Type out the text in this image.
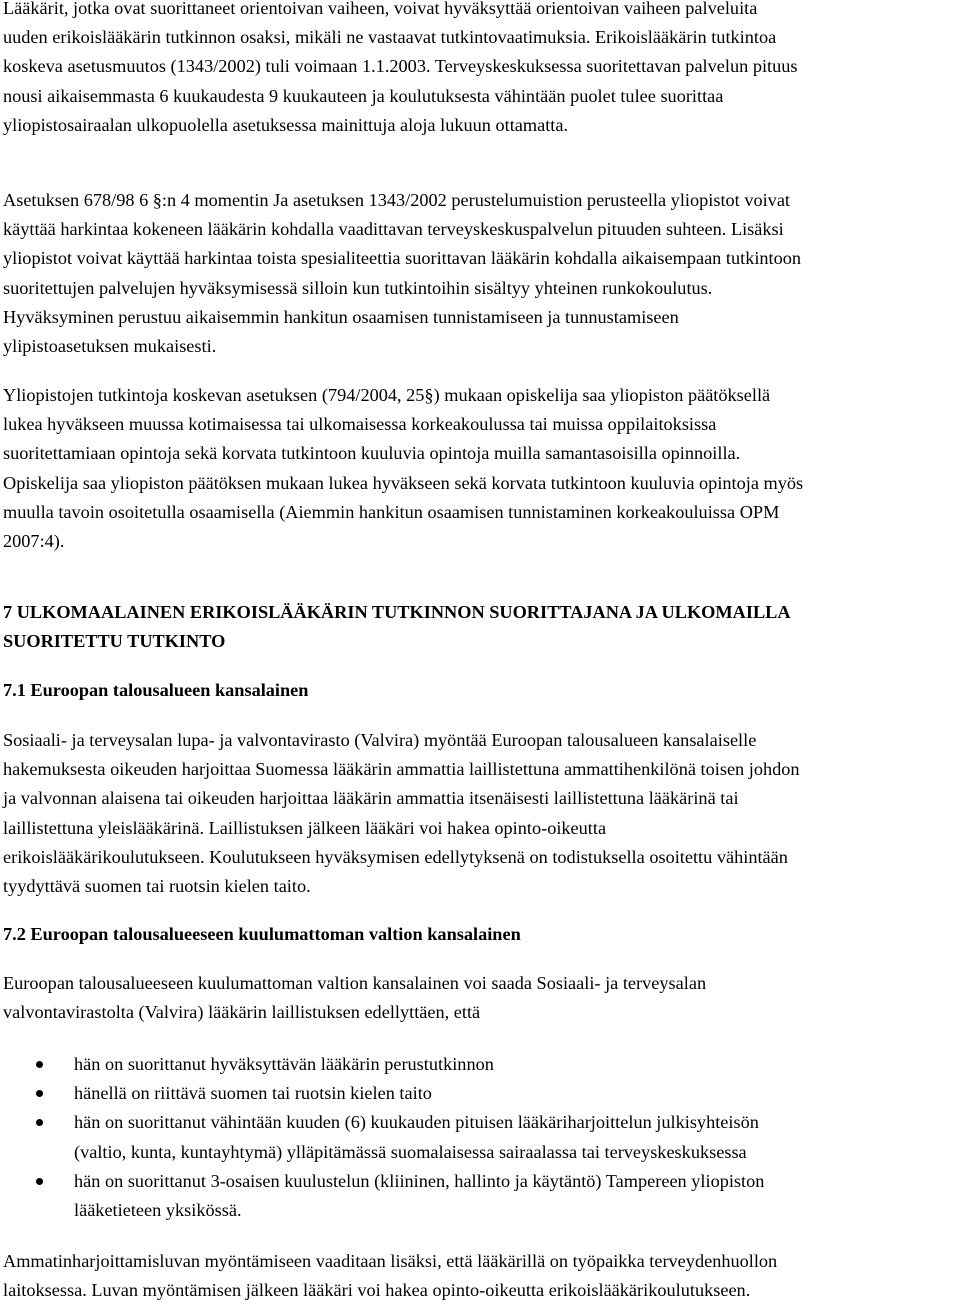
Lääkärit, jotka ovat suorittaneet orientoivan vaiheen, voivat hyväksyttää orientoivan vaiheen palveluita
uuden erikoislääkärin tutkinnon osaksi, mikäli ne vastaavat tutkintovaatimuksia. Erikoislääkärin tutkintoa
koskeva asetusmuutos (1343/2002) tuli voimaan 1.1.2003. Terveyskeskuksessa suoritettavan palvelun pituus
nousi aikaisemmasta 6 kuukaudesta 9 kuukauteen ja koulutuksesta vähintään puolet tulee suorittaa
yliopistosairaalan ulkopuolella asetuksessa mainittuja aloja lukuun ottamatta.

Asetuksen 678/98 6 §:n 4 momentin Ja asetuksen 1343/2002 perustelumuistion perusteella yliopistot voivat
käyttää harkintaa kokeneen lääkärin kohdalla vaadittavan terveyskeskuspalvelun pituuden suhteen. Lisäksi
yliopistot voivat käyttää harkintaa toista spesialiteettia suorittavan lääkärin kohdalla aikaisempaan tutkintoon
suoritettujen palvelujen hyväksymisessä silloin kun tutkintoihin sisältyy yhteinen runkokoulutus.
Hyväksyminen perustuu aikaisemmin hankitun osaamisen tunnistamiseen ja tunnustamiseen
ylipistoasetuksen mukaisesti.

Yliopistojen tutkintoja koskevan asetuksen (794/2004, 25§) mukaan opiskelija saa yliopiston päätöksellä
lukea hyväkseen muussa kotimaisessa tai ulkomaisessa korkeakoulussa tai muissa oppilaitoksissa
suoritettamiaan opintoja sekä korvata tutkintoon kuuluvia opintoja muilla samantasoisilla opinnoilla.
Opiskelija saa yliopiston päätöksen mukaan lukea hyväkseen sekä korvata tutkintoon kuuluvia opintoja myös
muulla tavoin osoitetulla osaamisella (Aiemmin hankitun osaamisen tunnistaminen korkeakouluissa OPM
2007:4).

7 ULKOMAALAINEN ERIKOISLÄÄKÄRIN TUTKINNON SUORITTAJANA JA ULKOMAILLA
SUORITETTU TUTKINTO
7.1 Euroopan talousalueen kansalainen

Sosiaali- ja terveysalan lupa- ja valvontavirasto (Valvira) myöntää Euroopan talousalueen kansalaiselle
hakemuksesta oikeuden harjoittaa Suomessa lääkärin ammattia laillistettuna ammattihenkilönä toisen johdon
ja valvonnan alaisena tai oikeuden harjoittaa lääkärin ammattia itsenäisesti laillistettuna lääkärinä tai
laillistettuna yleislääkärinä. Laillistuksen jälkeen lääkäri voi hakea opinto-oikeutta
erikoislääkärikoulutukseen. Koulutukseen hyväksymisen edellytyksenä on todistuksella osoitettu vähintään
tyydyttävä suomen tai ruotsin kielen taito.

7.2 Euroopan talousalueeseen kuulumattoman valtion kansalainen

Euroopan talousalueeseen kuulumattoman valtion kansalainen voi saada Sosiaali- ja terveysalan
valvontavirastolta (Valvira) lääkärin laillistuksen edellyttäen, että

hän on suorittanut hyväksyttävän lääkärin perustutkinnon
hänellä on riittävä suomen tai ruotsin kielen taito
hän on suorittanut vähintään kuuden (6) kuukauden pituisen lääkäriharjoittelun julkisyhteisön
(valtio, kunta, kuntayhtymä) ylläpitämässä suomalaisessa sairaalassa tai terveyskeskuksessa
hän on suorittanut 3-osaisen kuulustelun (kliininen, hallinto ja käytäntö) Tampereen yliopiston
lääketieteen yksikössä.

Ammatinharjoittamisluvan myöntämiseen vaaditaan lisäksi, että lääkärillä on työpaikka terveydenhuollon
laitoksessa. Luvan myöntämisen jälkeen lääkäri voi hakea opinto-oikeutta erikoislääkärikoulutukseen.
